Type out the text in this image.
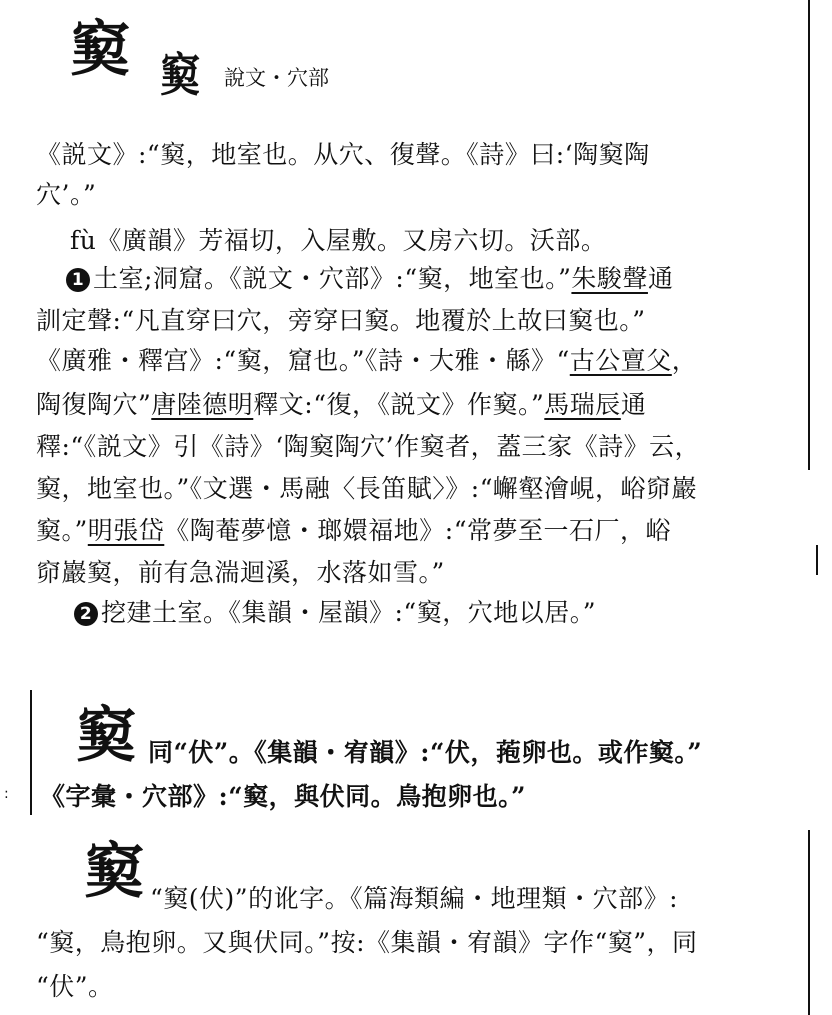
窫 窫 說文・穴部
《説文》:“窫，地室也。从穴、復聲。《詩》曰:‘陶窫陶
穴’。”
fù《廣韻》芳福切，入屋敷。又房六切。沃部。
1 土室;洞窟。《説文・穴部》:“窫，地室也。”朱駿聲通
訓定聲:“凡直穿曰穴，旁穿曰窫。地覆於上故曰窫也。”
《廣雅・釋宫》:“窫，窟也。”《詩・大雅・緜》“古公亶父，
陶復陶穴”唐陸德明釋文:“復，《説文》作窫。”馬瑞辰通
釋:“《説文》引《詩》‘陶窫陶穴’作窫者，蓋三家《詩》云，
窫，地室也。”《文選・馬融〈長笛賦〉》:“嶰壑澮峴，峪窌巖
窫。”明張岱《陶菴夢憶・瑯嬛福地》:“常夢至一石厂，峪
窌巖窫，前有急湍迴溪，水落如雪。”
2 挖建土室。《集韻・屋韻》:“窫，穴地以居。”
:
窫 同“伏”。《集韻・宥韻》:“伏，菢卵也。或作窫。”
《字彙・穴部》:“窫，與伏同。鳥抱卵也。”
窫 “窫(伏)”的讹字。《篇海類編・地理類・穴部》:
“窫，鳥抱卵。又與伏同。”按:《集韻・宥韻》字作“窫”，同
“伏”。
